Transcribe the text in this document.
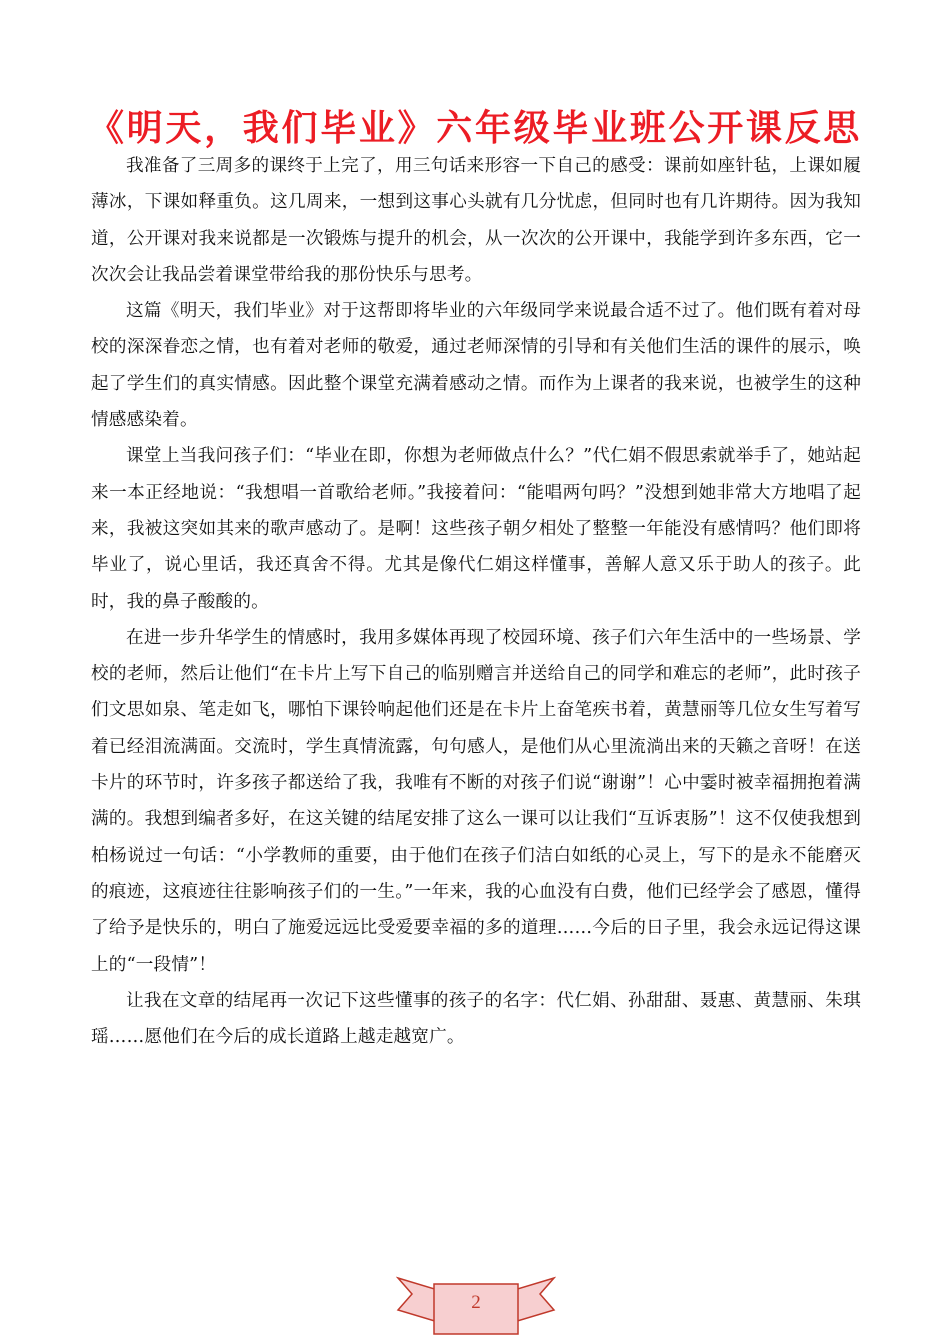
《明天，我们毕业》六年级毕业班公开课反思

我准备了三周多的课终于上完了，用三句话来形容一下自己的感受：课前如座针毡，上课如履薄冰，下课如释重负。这几周来，一想到这事心头就有几分忧虑，但同时也有几许期待。因为我知道，公开课对我来说都是一次锻炼与提升的机会，从一次次的公开课中，我能学到许多东西，它一次次会让我品尝着课堂带给我的那份快乐与思考。

这篇《明天，我们毕业》对于这帮即将毕业的六年级同学来说最合适不过了。他们既有着对母校的深深眷恋之情，也有着对老师的敬爱，通过老师深情的引导和有关他们生活的课件的展示，唤起了学生们的真实情感。因此整个课堂充满着感动之情。而作为上课者的我来说，也被学生的这种情感感染着。

课堂上当我问孩子们：“毕业在即，你想为老师做点什么？”代仁娟不假思索就举手了，她站起来一本正经地说：“我想唱一首歌给老师。”我接着问：“能唱两句吗？”没想到她非常大方地唱了起来，我被这突如其来的歌声感动了。是啊！这些孩子朝夕相处了整整一年能没有感情吗？他们即将毕业了，说心里话，我还真舍不得。尤其是像代仁娟这样懂事，善解人意又乐于助人的孩子。此时，我的鼻子酸酸的。

在进一步升华学生的情感时，我用多媒体再现了校园环境、孩子们六年生活中的一些场景、学校的老师，然后让他们“在卡片上写下自己的临别赠言并送给自己的同学和难忘的老师”，此时孩子们文思如泉、笔走如飞，哪怕下课铃响起他们还是在卡片上奋笔疾书着，黄慧丽等几位女生写着写着已经泪流满面。交流时，学生真情流露，句句感人，是他们从心里流淌出来的天籁之音呀！在送卡片的环节时，许多孩子都送给了我，我唯有不断的对孩子们说“谢谢”！心中霎时被幸福拥抱着满满的。我想到编者多好，在这关键的结尾安排了这么一课可以让我们“互诉衷肠”！这不仅使我想到柏杨说过一句话：“小学教师的重要，由于他们在孩子们洁白如纸的心灵上，写下的是永不能磨灭的痕迹，这痕迹往往影响孩子们的一生。”一年来，我的心血没有白费，他们已经学会了感恩，懂得了给予是快乐的，明白了施爱远远比受爱要幸福的多的道理……今后的日子里，我会永远记得这课上的“一段情”！

让我在文章的结尾再一次记下这些懂事的孩子的名字：代仁娟、孙甜甜、聂惠、黄慧丽、朱琪瑶……愿他们在今后的成长道路上越走越宽广。

2
